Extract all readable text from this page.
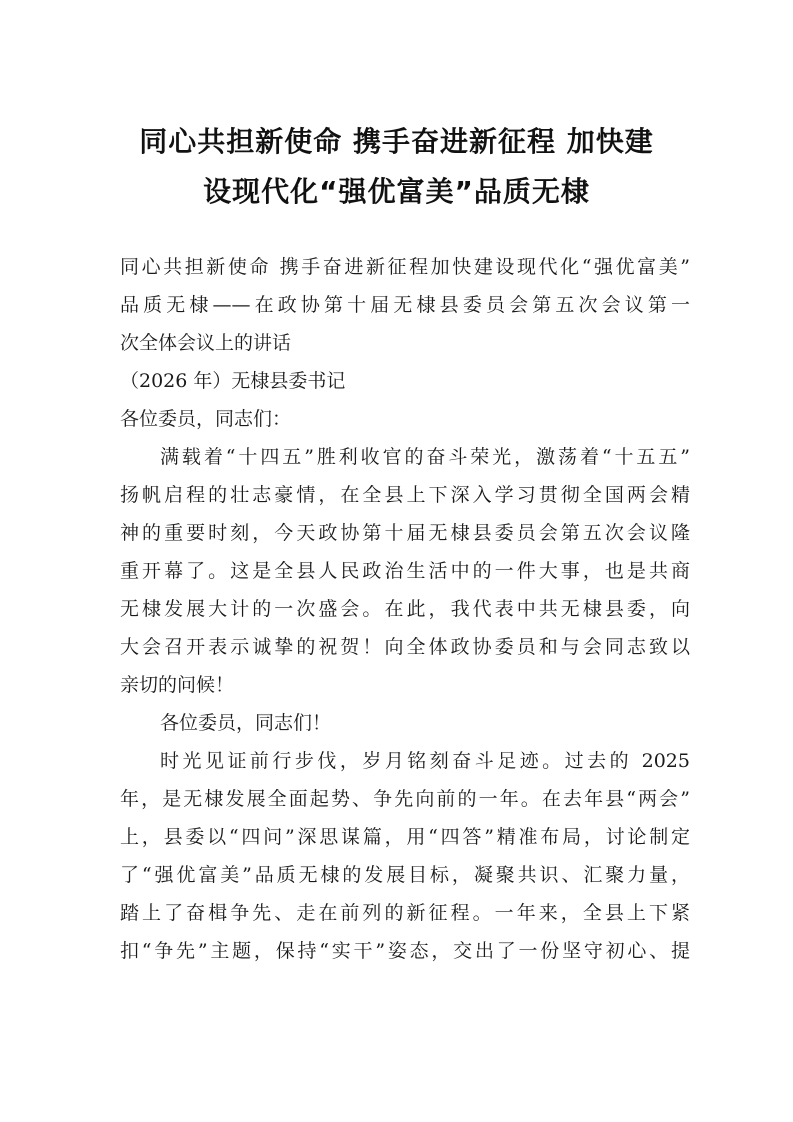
同心共担新使命 携手奋进新征程 加快建
设现代化“强优富美”品质无棣
同心共担新使命 携手奋进新征程加快建设现代化“强优富美”
品质无棣——在政协第十届无棣县委员会第五次会议第一
次全体会议上的讲话
（2026 年）无棣县委书记
各位委员，同志们：
满载着“十四五”胜利收官的奋斗荣光，激荡着“十五五”
扬帆启程的壮志豪情，在全县上下深入学习贯彻全国两会精
神的重要时刻，今天政协第十届无棣县委员会第五次会议隆
重开幕了。这是全县人民政治生活中的一件大事，也是共商
无棣发展大计的一次盛会。在此，我代表中共无棣县委，向
大会召开表示诚挚的祝贺！向全体政协委员和与会同志致以
亲切的问候！
各位委员，同志们！
时光见证前行步伐，岁月铭刻奋斗足迹。过去的 2025
年，是无棣发展全面起势、争先向前的一年。在去年县“两会”
上，县委以“四问”深思谋篇，用“四答”精准布局，讨论制定
了“强优富美”品质无棣的发展目标，凝聚共识、汇聚力量，
踏上了奋楫争先、走在前列的新征程。一年来，全县上下紧
扣“争先”主题，保持“实干”姿态，交出了一份坚守初心、提
